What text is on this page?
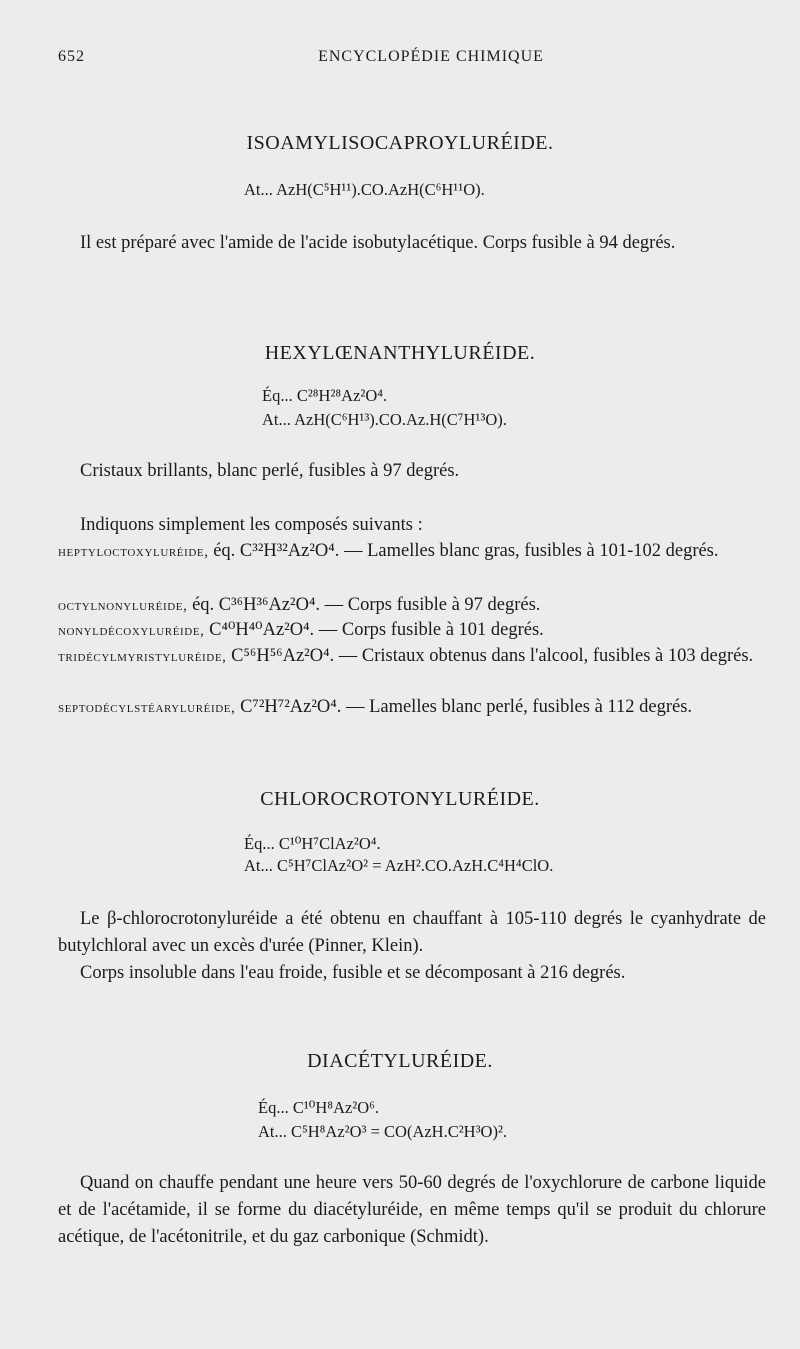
652	ENCYCLOPÉDIE CHIMIQUE
ISOAMYLISOCAPROYLURÉIDE.
At... AzH(C⁵H¹¹).CO.AzH(C⁶H¹¹O).
Il est préparé avec l'amide de l'acide isobutylacétique. Corps fusible à 94 degrés.
HEXYLŒNANTHYLURÉIDE.
Éq... C²⁸H²⁸Az²O⁴.
At... AzH(C⁶H¹³).CO.Az.H(C⁷H¹³O).
Cristaux brillants, blanc perlé, fusibles à 97 degrés.
Indiquons simplement les composés suivants :
heptyloctoxyluréide, éq. C³²H³²Az²O⁴. — Lamelles blanc gras, fusibles à 101-102 degrés.
octylnonyluréide, éq. C³⁶H³⁶Az²O⁴. — Corps fusible à 97 degrés.
nonyldécoxyluréide, C⁴⁰H⁴⁰Az²O⁴. — Corps fusible à 101 degrés.
tridécylmyristyluréide, C⁵⁶H⁵⁶Az²O⁴. — Cristaux obtenus dans l'alcool, fusibles à 103 degrés.
septodécylstéaryluréide, C⁷²H⁷²Az²O⁴. — Lamelles blanc perlé, fusibles à 112 degrés.
CHLOROCROTONYLURÉIDE.
Éq... C¹⁰H⁷ClAz²O⁴.
At... C⁵H⁷ClAz²O² = AzH².CO.AzH.C⁴H⁴ClO.
Le β-chlorocrotonyluréide a été obtenu en chauffant à 105-110 degrés le cyanhydrate de butylchloral avec un excès d'urée (Pinner, Klein).
Corps insoluble dans l'eau froide, fusible et se décomposant à 216 degrés.
DIACÉTYLURÉIDE.
Éq... C¹⁰H⁸Az²O⁶.
At... C⁵H⁸Az²O³ = CO(AzH.C²H³O)².
Quand on chauffe pendant une heure vers 50-60 degrés de l'oxychlorure de carbone liquide et de l'acétamide, il se forme du diacétyluréide, en même temps qu'il se produit du chlorure acétique, de l'acétonitrile, et du gaz carbonique (Schmidt).
